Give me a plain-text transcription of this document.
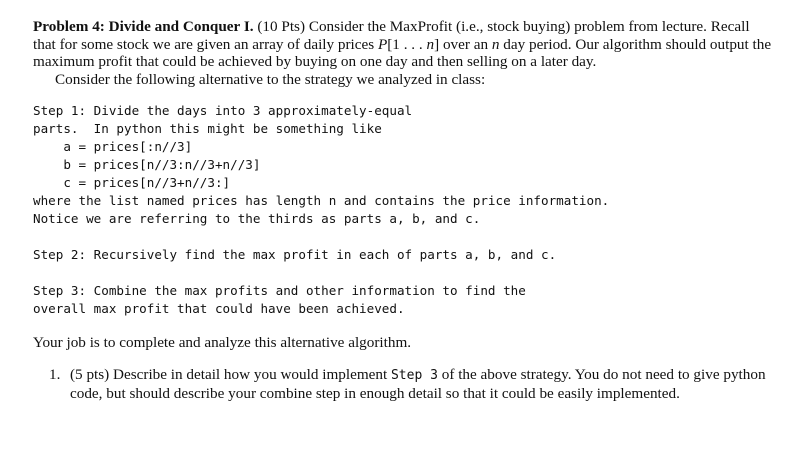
Problem 4: Divide and Conquer I. (10 Pts) Consider the MaxProfit (i.e., stock buying) problem from lecture. Recall that for some stock we are given an array of daily prices P[1 . . . n] over an n day period. Our algorithm should output the maximum profit that could be achieved by buying on one day and then selling on a later day.

Consider the following alternative to the strategy we analyzed in class:

Step 1: Divide the days into 3 approximately-equal
parts.  In python this might be something like
a = prices[:n//3]
b = prices[n//3:n//3+n//3]
c = prices[n//3+n//3:]
where the list named prices has length n and contains the price information.
Notice we are referring to the thirds as parts a, b, and c.
Step 2: Recursively find the max profit in each of parts a, b, and c.
Step 3: Combine the max profits and other information to find the
overall max profit that could have been achieved.

Your job is to complete and analyze this alternative algorithm.

1. (5 pts) Describe in detail how you would implement Step 3 of the above strategy. You do not need to give python code, but should describe your combine step in enough detail so that it could be easily implemented.
